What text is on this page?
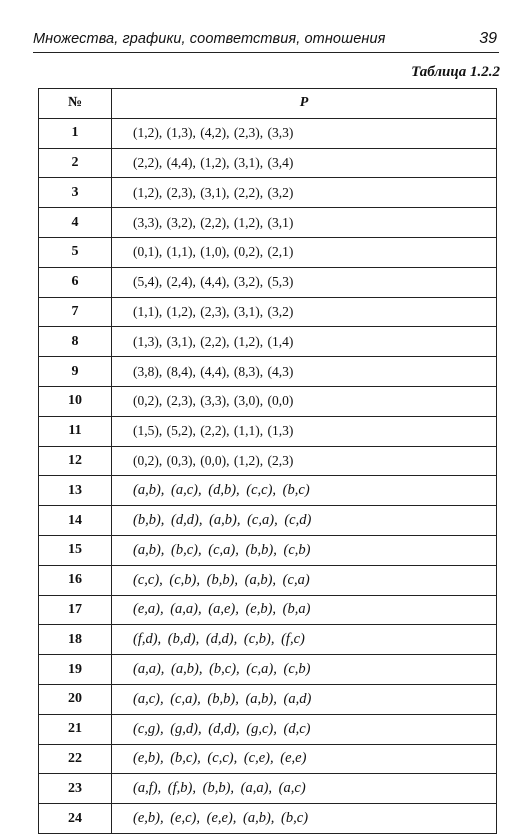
Множества, графики, соответствия, отношения	39
Таблица 1.2.2
№	P
1	(1,2), (1,3), (4,2), (2,3), (3,3)
2	(2,2), (4,4), (1,2), (3,1), (3,4)
3	(1,2), (2,3), (3,1), (2,2), (3,2)
4	(3,3), (3,2), (2,2), (1,2), (3,1)
5	(0,1), (1,1), (1,0), (0,2), (2,1)
6	(5,4), (2,4), (4,4), (3,2), (5,3)
7	(1,1), (1,2), (2,3), (3,1), (3,2)
8	(1,3), (3,1), (2,2), (1,2), (1,4)
9	(3,8), (8,4), (4,4), (8,3), (4,3)
10	(0,2), (2,3), (3,3), (3,0), (0,0)
11	(1,5), (5,2), (2,2), (1,1), (1,3)
12	(0,2), (0,3), (0,0), (1,2), (2,3)
13	(a,b), (a,c), (d,b), (c,c), (b,c)
14	(b,b), (d,d), (a,b), (c,a), (c,d)
15	(a,b), (b,c), (c,a), (b,b), (c,b)
16	(c,c), (c,b), (b,b), (a,b), (c,a)
17	(e,a), (a,a), (a,e), (e,b), (b,a)
18	(f,d), (b,d), (d,d), (c,b), (f,c)
19	(a,a), (a,b), (b,c), (c,a), (c,b)
20	(a,c), (c,a), (b,b), (a,b), (a,d)
21	(c,g), (g,d), (d,d), (g,c), (d,c)
22	(e,b), (b,c), (c,c), (c,e), (e,e)
23	(a,f), (f,b), (b,b), (a,a), (a,c)
24	(e,b), (e,c), (e,e), (a,b), (b,c)
